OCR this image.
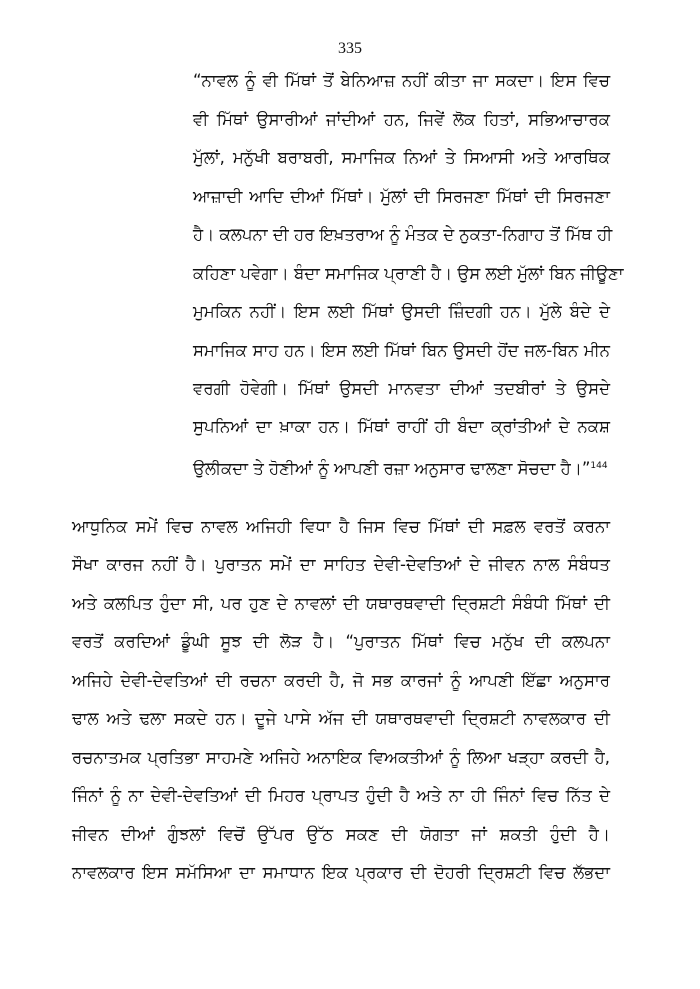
335
“ਨਾਵਲ ਨੂੰ ਵੀ ਮਿੱਥਾਂ ਤੋਂ ਬੇਨਿਆਜ਼ ਨਹੀਂ ਕੀਤਾ ਜਾ ਸਕਦਾ। ਇਸ ਵਿਚ
ਵੀ ਮਿੱਥਾਂ ਉਸਾਰੀਆਂ ਜਾਂਦੀਆਂ ਹਨ, ਜਿਵੇਂ ਲੋਕ ਹਿਤਾਂ, ਸਭਿਆਚਾਰਕ
ਮੁੱਲਾਂ, ਮਨੁੱਖੀ ਬਰਾਬਰੀ, ਸਮਾਜਿਕ ਨਿਆਂ ਤੇ ਸਿਆਸੀ ਅਤੇ ਆਰਥਿਕ
ਆਜ਼ਾਦੀ ਆਦਿ ਦੀਆਂ ਮਿੱਥਾਂ। ਮੁੱਲਾਂ ਦੀ ਸਿਰਜਣਾ ਮਿੱਥਾਂ ਦੀ ਸਿਰਜਣਾ
ਹੈ। ਕਲਪਨਾ ਦੀ ਹਰ ਇਖ਼ਤਰਾਅ ਨੂੰ ਮੰਤਕ ਦੇ ਨੁਕਤਾ-ਨਿਗਾਹ ਤੋਂ ਮਿੱਥ ਹੀ
ਕਹਿਣਾ ਪਵੇਗਾ। ਬੰਦਾ ਸਮਾਜਿਕ ਪ੍ਰਾਣੀ ਹੈ। ਉਸ ਲਈ ਮੁੱਲਾਂ ਬਿਨ ਜੀਊਣਾ
ਮੁਮਕਿਨ ਨਹੀਂ। ਇਸ ਲਈ ਮਿੱਥਾਂ ਉਸਦੀ ਜ਼ਿੰਦਗੀ ਹਨ। ਮੁੱਲੇ ਬੰਦੇ ਦੇ
ਸਮਾਜਿਕ ਸਾਹ ਹਨ। ਇਸ ਲਈ ਮਿੱਥਾਂ ਬਿਨ ਉਸਦੀ ਹੋਂਦ ਜਲ-ਬਿਨ ਮੀਨ
ਵਰਗੀ ਹੋਵੇਗੀ। ਮਿੱਥਾਂ ਉਸਦੀ ਮਾਨਵਤਾ ਦੀਆਂ ਤਦਬੀਰਾਂ ਤੇ ਉਸਦੇ
ਸੁਪਨਿਆਂ ਦਾ ਖ਼ਾਕਾ ਹਨ। ਮਿੱਥਾਂ ਰਾਹੀਂ ਹੀ ਬੰਦਾ ਕ੍ਰਾਂਤੀਆਂ ਦੇ ਨਕਸ਼
ਉਲੀਕਦਾ ਤੇ ਹੋਣੀਆਂ ਨੂੰ ਆਪਣੀ ਰਜ਼ਾ ਅਨੁਸਾਰ ਢਾਲਣਾ ਸੋਚਦਾ ਹੈ।”$^{144}$
ਆਧੁਨਿਕ ਸਮੇਂ ਵਿਚ ਨਾਵਲ ਅਜਿਹੀ ਵਿਧਾ ਹੈ ਜਿਸ ਵਿਚ ਮਿੱਥਾਂ ਦੀ ਸਫ਼ਲ ਵਰਤੋਂ ਕਰਨਾ
ਸੌਖਾ ਕਾਰਜ ਨਹੀਂ ਹੈ। ਪੁਰਾਤਨ ਸਮੇਂ ਦਾ ਸਾਹਿਤ ਦੇਵੀ-ਦੇਵਤਿਆਂ ਦੇ ਜੀਵਨ ਨਾਲ ਸੰਬੰਧਤ
ਅਤੇ ਕਲਪਿਤ ਹੁੰਦਾ ਸੀ, ਪਰ ਹੁਣ ਦੇ ਨਾਵਲਾਂ ਦੀ ਯਥਾਰਥਵਾਦੀ ਦ੍ਰਿਸ਼ਟੀ ਸੰਬੰਧੀ ਮਿੱਥਾਂ ਦੀ
ਵਰਤੋਂ ਕਰਦਿਆਂ ਡੂੰਘੀ ਸੂਝ ਦੀ ਲੋੜ ਹੈ। “ਪੁਰਾਤਨ ਮਿੱਥਾਂ ਵਿਚ ਮਨੁੱਖ ਦੀ ਕਲਪਨਾ
ਅਜਿਹੇ ਦੇਵੀ-ਦੇਵਤਿਆਂ ਦੀ ਰਚਨਾ ਕਰਦੀ ਹੈ, ਜੋ ਸਭ ਕਾਰਜਾਂ ਨੂੰ ਆਪਣੀ ਇੱਛਾ ਅਨੁਸਾਰ
ਢਾਲ ਅਤੇ ਢਲਾ ਸਕਦੇ ਹਨ। ਦੂਜੇ ਪਾਸੇ ਅੱਜ ਦੀ ਯਥਾਰਥਵਾਦੀ ਦ੍ਰਿਸ਼ਟੀ ਨਾਵਲਕਾਰ ਦੀ
ਰਚਨਾਤਮਕ ਪ੍ਰਤਿਭਾ ਸਾਹਮਣੇ ਅਜਿਹੇ ਅਨਾਇਕ ਵਿਅਕਤੀਆਂ ਨੂੰ ਲਿਆ ਖੜ੍ਹਾ ਕਰਦੀ ਹੈ,
ਜਿੰਨਾਂ ਨੂੰ ਨਾ ਦੇਵੀ-ਦੇਵਤਿਆਂ ਦੀ ਮਿਹਰ ਪ੍ਰਾਪਤ ਹੁੰਦੀ ਹੈ ਅਤੇ ਨਾ ਹੀ ਜਿੰਨਾਂ ਵਿਚ ਨਿੱਤ ਦੇ
ਜੀਵਨ ਦੀਆਂ ਗੁੰਝਲਾਂ ਵਿਚੋਂ ਉੱਪਰ ਉੱਠ ਸਕਣ ਦੀ ਯੋਗਤਾ ਜਾਂ ਸ਼ਕਤੀ ਹੁੰਦੀ ਹੈ।
ਨਾਵਲਕਾਰ ਇਸ ਸਮੱਸਿਆ ਦਾ ਸਮਾਧਾਨ ਇਕ ਪ੍ਰਕਾਰ ਦੀ ਦੋਹਰੀ ਦ੍ਰਿਸ਼ਟੀ ਵਿਚ ਲੱਭਦਾ
